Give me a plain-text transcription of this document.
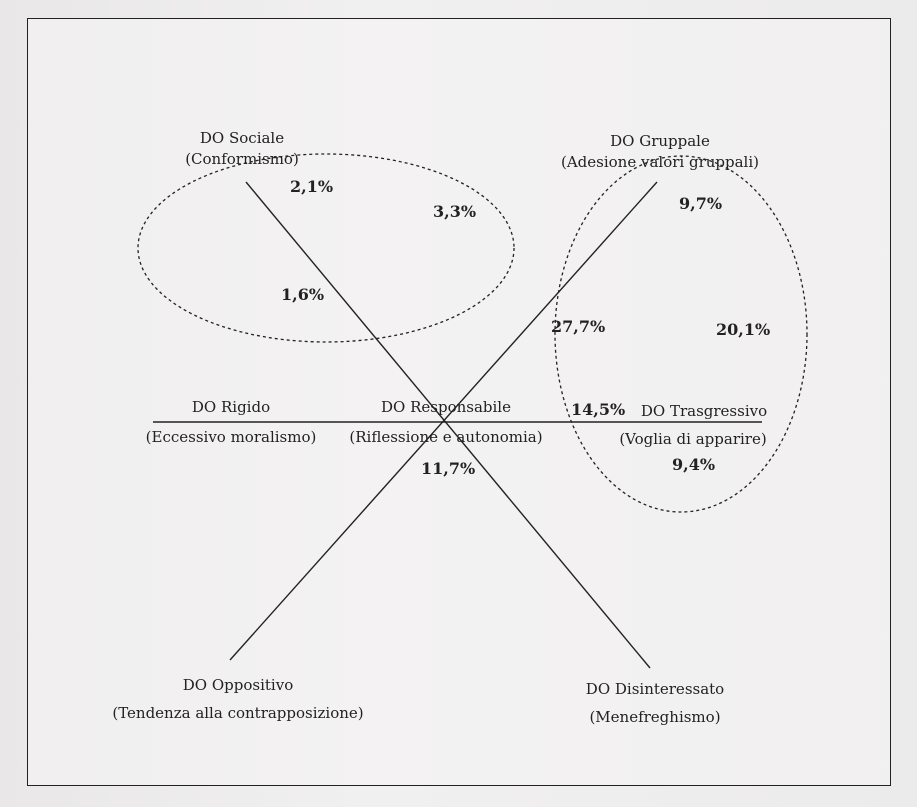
DO Sociale
(Conformismo)
DO Gruppale
(Adesione valori gruppali)
DO Rigido
(Eccessivo moralismo)
DO Responsabile
(Riflessione e autonomia)
DO Trasgressivo
(Voglia di apparire)
DO Oppositivo
(Tendenza alla contrapposizione)
DO Disinteressato
(Menefreghismo)
2,1%
3,3%
1,6%
9,7%
27,7%	20,1%
14,5%
9,4%
11,7%
